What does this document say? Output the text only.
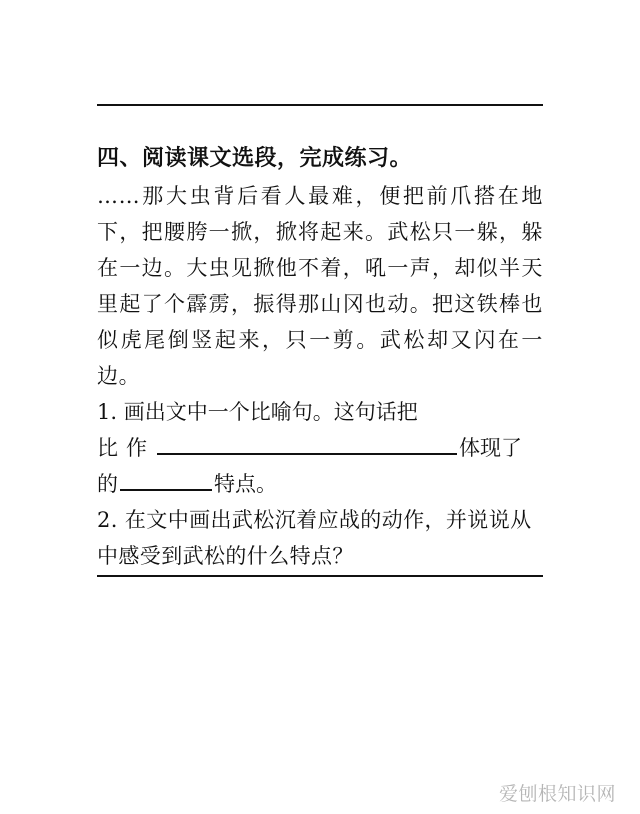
四、阅读课文选段，完成练习。
……那大虫背后看人最难，便把前爪搭在地下，把腰胯一掀，掀将起来。武松只一躲，躲在一边。大虫见掀他不着，吼一声，却似半天里起了个霹雳，振得那山冈也动。把这铁棒也似虎尾倒竖起来，只一剪。武松却又闪在一边。
1. 画出文中一个比喻句。这句话把
比作	体现了
的	特点。
2. 在文中画出武松沉着应战的动作，并说说从中感受到武松的什么特点？
爱刨根知识网
